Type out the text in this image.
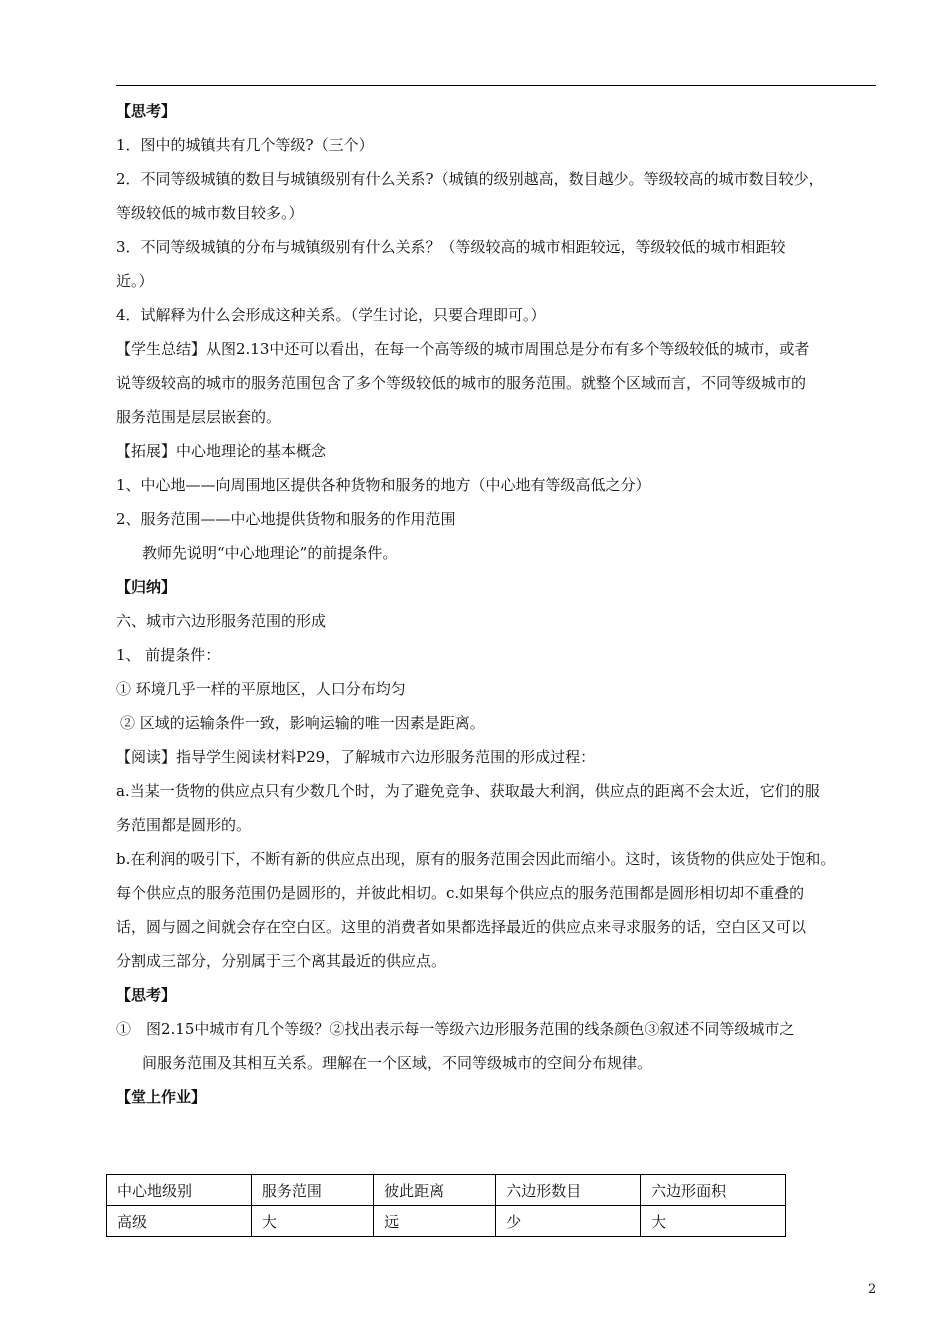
【思考】

1．图中的城镇共有几个等级?（三个）

2．不同等级城镇的数目与城镇级别有什么关系?（城镇的级别越高，数目越少。等级较高的城市数目较少，

等级较低的城市数目较多。）

3．不同等级城镇的分布与城镇级别有什么关系？（等级较高的城市相距较远，等级较低的城市相距较

近。）

4．试解释为什么会形成这种关系。（学生讨论，只要合理即可。）

【学生总结】从图2.13中还可以看出，在每一个高等级的城市周围总是分布有多个等级较低的城市，或者

说等级较高的城市的服务范围包含了多个等级较低的城市的服务范围。就整个区域而言，不同等级城市的

服务范围是层层嵌套的。

【拓展】中心地理论的基本概念

1、中心地——向周围地区提供各种货物和服务的地方（中心地有等级高低之分）

2、服务范围——中心地提供货物和服务的作用范围

教师先说明“中心地理论”的前提条件。

【归纳】

六、城市六边形服务范围的形成

1、 前提条件：

① 环境几乎一样的平原地区，人口分布均匀

② 区域的运输条件一致，影响运输的唯一因素是距离。

【阅读】指导学生阅读材料P29，了解城市六边形服务范围的形成过程：

a.当某一货物的供应点只有少数几个时，为了避免竞争、获取最大利润，供应点的距离不会太近，它们的服

务范围都是圆形的。

b.在利润的吸引下，不断有新的供应点出现，原有的服务范围会因此而缩小。这时，该货物的供应处于饱和。

每个供应点的服务范围仍是圆形的，并彼此相切。c.如果每个供应点的服务范围都是圆形相切却不重叠的

话，圆与圆之间就会存在空白区。这里的消费者如果都选择最近的供应点来寻求服务的话，空白区又可以

分割成三部分，分别属于三个离其最近的供应点。

【思考】

①　图2.15中城市有几个等级？②找出表示每一等级六边形服务范围的线条颜色③叙述不同等级城市之

间服务范围及其相互关系。理解在一个区域，不同等级城市的空间分布规律。

【堂上作业】

中心地级别	服务范围	彼此距离	六边形数目	六边形面积
高级	大	远	少	大
2
